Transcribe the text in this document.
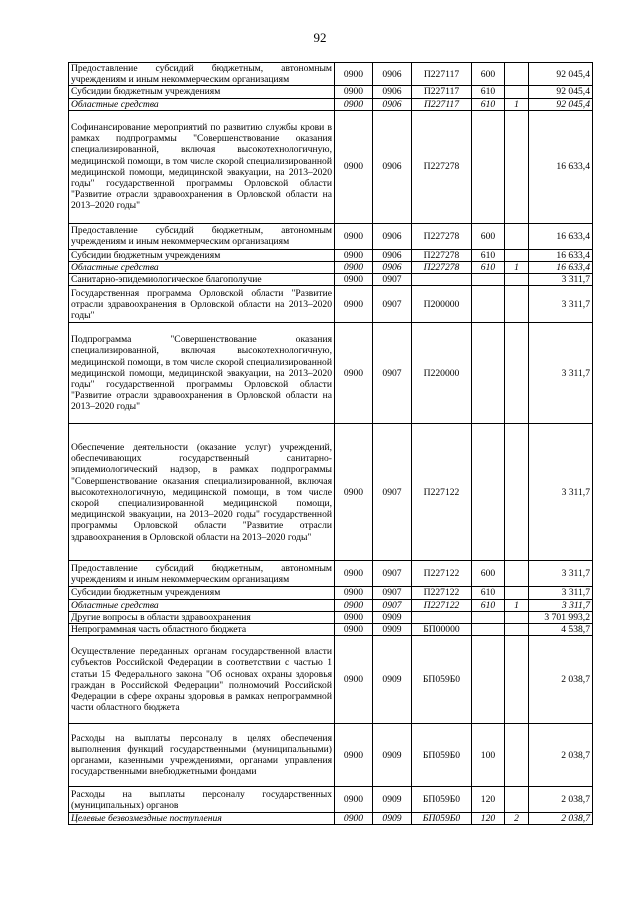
92
Предоставление субсидий бюджетным, автономным учреждениям и иным некоммерческим организациям	0900	0906	П227117	600		92 045,4
Субсидии бюджетным учреждениям	0900	0906	П227117	610		92 045,4
Областные средства	0900	0906	П227117	610	1	92 045,4
Софинансирование мероприятий по развитию службы крови в рамках подпрограммы "Совершенствование оказания специализированной, включая высокотехнологичную, медицинской помощи, в том числе скорой специализированной медицинской помощи, медицинской эвакуации, на 2013–2020 годы" государственной программы Орловской области "Развитие отрасли здравоохранения в Орловской области на 2013–2020 годы"	0900	0906	П227278			16 633,4
Предоставление субсидий бюджетным, автономным учреждениям и иным некоммерческим организациям	0900	0906	П227278	600		16 633,4
Субсидии бюджетным учреждениям	0900	0906	П227278	610		16 633,4
Областные средства	0900	0906	П227278	610	1	16 633,4
Санитарно-эпидемиологическое благополучие	0900	0907				3 311,7
Государственная программа Орловской области "Развитие отрасли здравоохранения в Орловской области на 2013–2020 годы"	0900	0907	П200000			3 311,7
Подпрограмма "Совершенствование оказания специализированной, включая высокотехнологичную, медицинской помощи, в том числе скорой специализированной медицинской помощи, медицинской эвакуации, на 2013–2020 годы" государственной программы Орловской области "Развитие отрасли здравоохранения в Орловской области на 2013–2020 годы"	0900	0907	П220000			3 311,7
Обеспечение деятельности (оказание услуг) учреждений, обеспечивающих государственный санитарно-эпидемиологический надзор, в рамках подпрограммы "Совершенствование оказания специализированной, включая высокотехнологичную, медицинской помощи, в том числе скорой специализированной медицинской помощи, медицинской эвакуации, на 2013–2020 годы" государственной программы Орловской области "Развитие отрасли здравоохранения в Орловской области на 2013–2020 годы"	0900	0907	П227122			3 311,7
Предоставление субсидий бюджетным, автономным учреждениям и иным некоммерческим организациям	0900	0907	П227122	600		3 311,7
Субсидии бюджетным учреждениям	0900	0907	П227122	610		3 311,7
Областные средства	0900	0907	П227122	610	1	3 311,7
Другие вопросы в области здравоохранения	0900	0909				3 701 993,2
Непрограммная часть областного бюджета	0900	0909	БП00000			4 538,7
Осуществление переданных органам государственной власти субъектов Российской Федерации в соответствии с частью 1 статьи 15 Федерального закона "Об основах охраны здоровья граждан в Российской Федерации" полномочий Российской Федерации в сфере охраны здоровья в рамках непрограммной части областного бюджета	0900	0909	БП059Б0			2 038,7
Расходы на выплаты персоналу в целях обеспечения выполнения функций государственными (муниципальными) органами, казенными учреждениями, органами управления государственными внебюджетными фондами	0900	0909	БП059Б0	100		2 038,7
Расходы на выплаты персоналу государственных (муниципальных) органов	0900	0909	БП059Б0	120		2 038,7
Целевые безвозмездные поступления	0900	0909	БП059Б0	120	2	2 038,7
